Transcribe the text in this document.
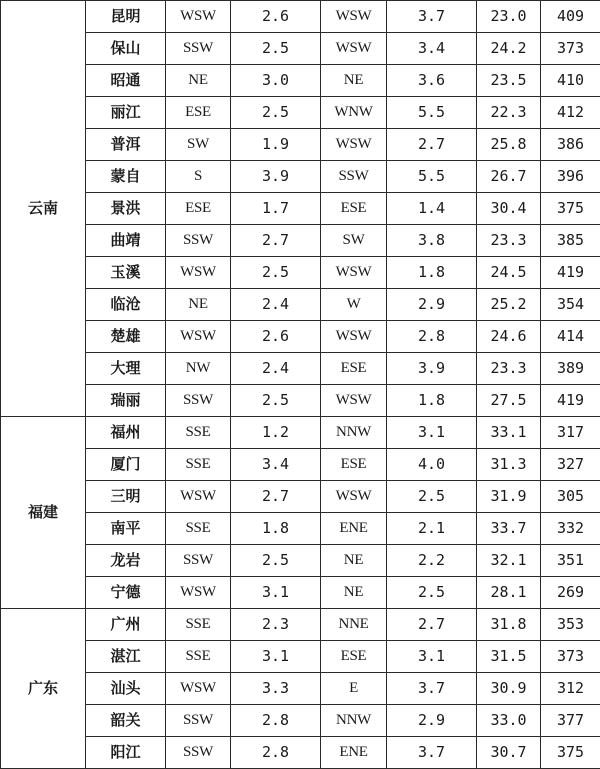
云南	昆明	WSW	2.6	WSW	3.7	23.0	409
	保山	SSW	2.5	WSW	3.4	24.2	373
	昭通	NE	3.0	NE	3.6	23.5	410
	丽江	ESE	2.5	WNW	5.5	22.3	412
	普洱	SW	1.9	WSW	2.7	25.8	386
	蒙自	S	3.9	SSW	5.5	26.7	396
	景洪	ESE	1.7	ESE	1.4	30.4	375
	曲靖	SSW	2.7	SW	3.8	23.3	385
	玉溪	WSW	2.5	WSW	1.8	24.5	419
	临沧	NE	2.4	W	2.9	25.2	354
	楚雄	WSW	2.6	WSW	2.8	24.6	414
	大理	NW	2.4	ESE	3.9	23.3	389
	瑞丽	SSW	2.5	WSW	1.8	27.5	419
福建	福州	SSE	1.2	NNW	3.1	33.1	317
	厦门	SSE	3.4	ESE	4.0	31.3	327
	三明	WSW	2.7	WSW	2.5	31.9	305
	南平	SSE	1.8	ENE	2.1	33.7	332
	龙岩	SSW	2.5	NE	2.2	32.1	351
	宁德	WSW	3.1	NE	2.5	28.1	269
广东	广州	SSE	2.3	NNE	2.7	31.8	353
	湛江	SSE	3.1	ESE	3.1	31.5	373
	汕头	WSW	3.3	E	3.7	30.9	312
	韶关	SSW	2.8	NNW	2.9	33.0	377
	阳江	SSW	2.8	ENE	3.7	30.7	375
